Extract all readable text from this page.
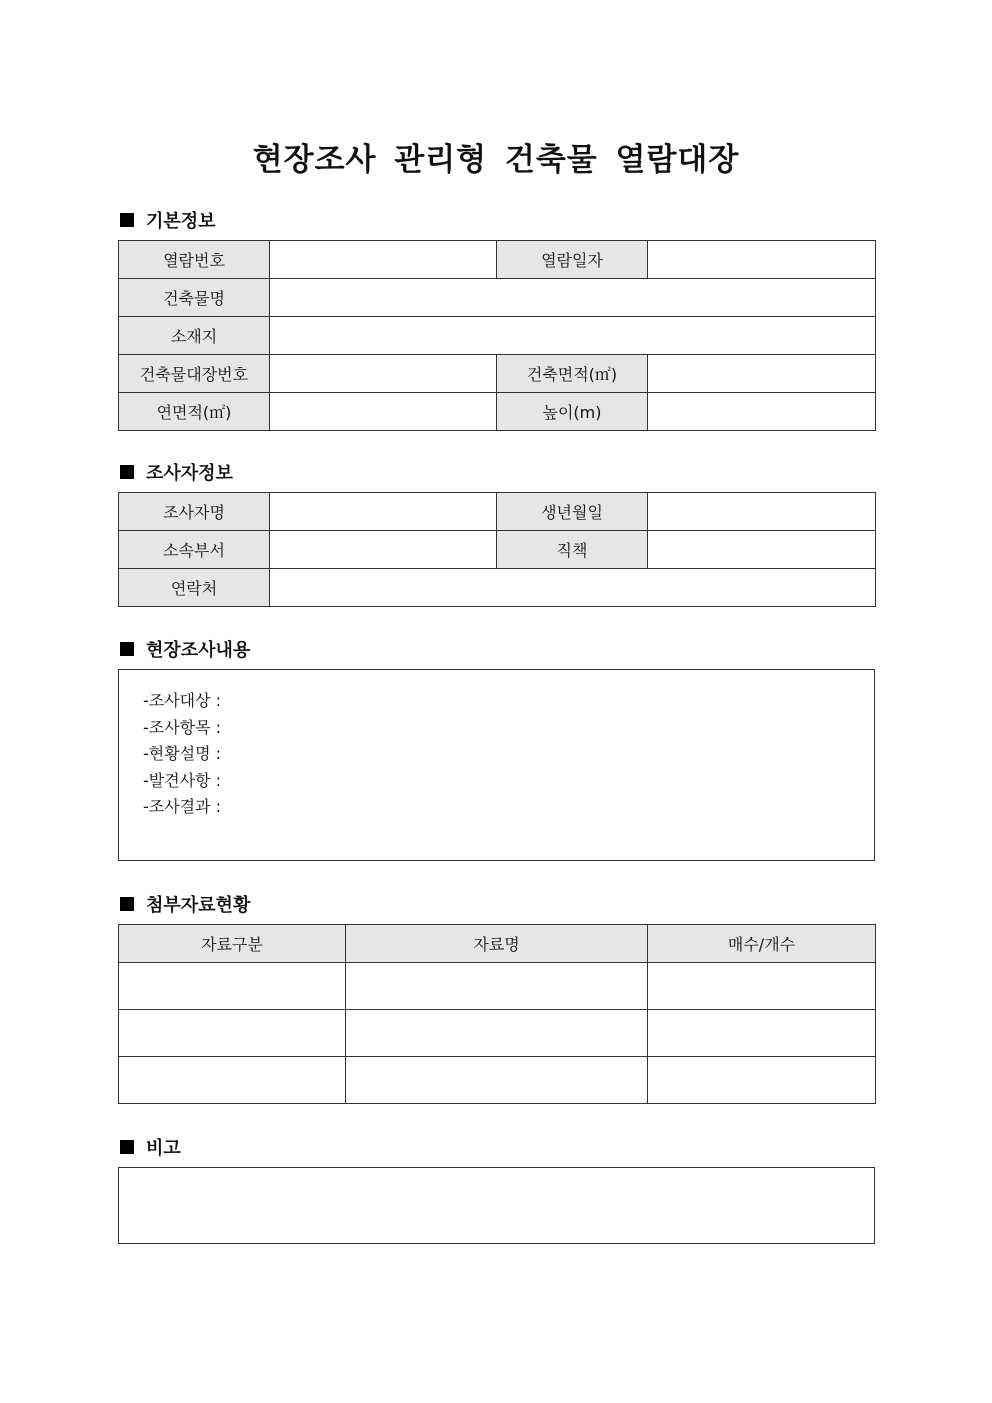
현장조사 관리형 건축물 열람대장
기본정보
열람번호		열람일자	
건축물명			
소재지			
건축물대장번호		건축면적(㎡)	
연면적(㎡)		높이(m)	
조사자정보
조사자명		생년월일	
소속부서		직책	
연락처			
현장조사내용
-조사대상 :
-조사항목 :
-현황설명 :
-발견사항 :
-조사결과 :
첨부자료현황
자료구분	자료명	매수/개수

비고
